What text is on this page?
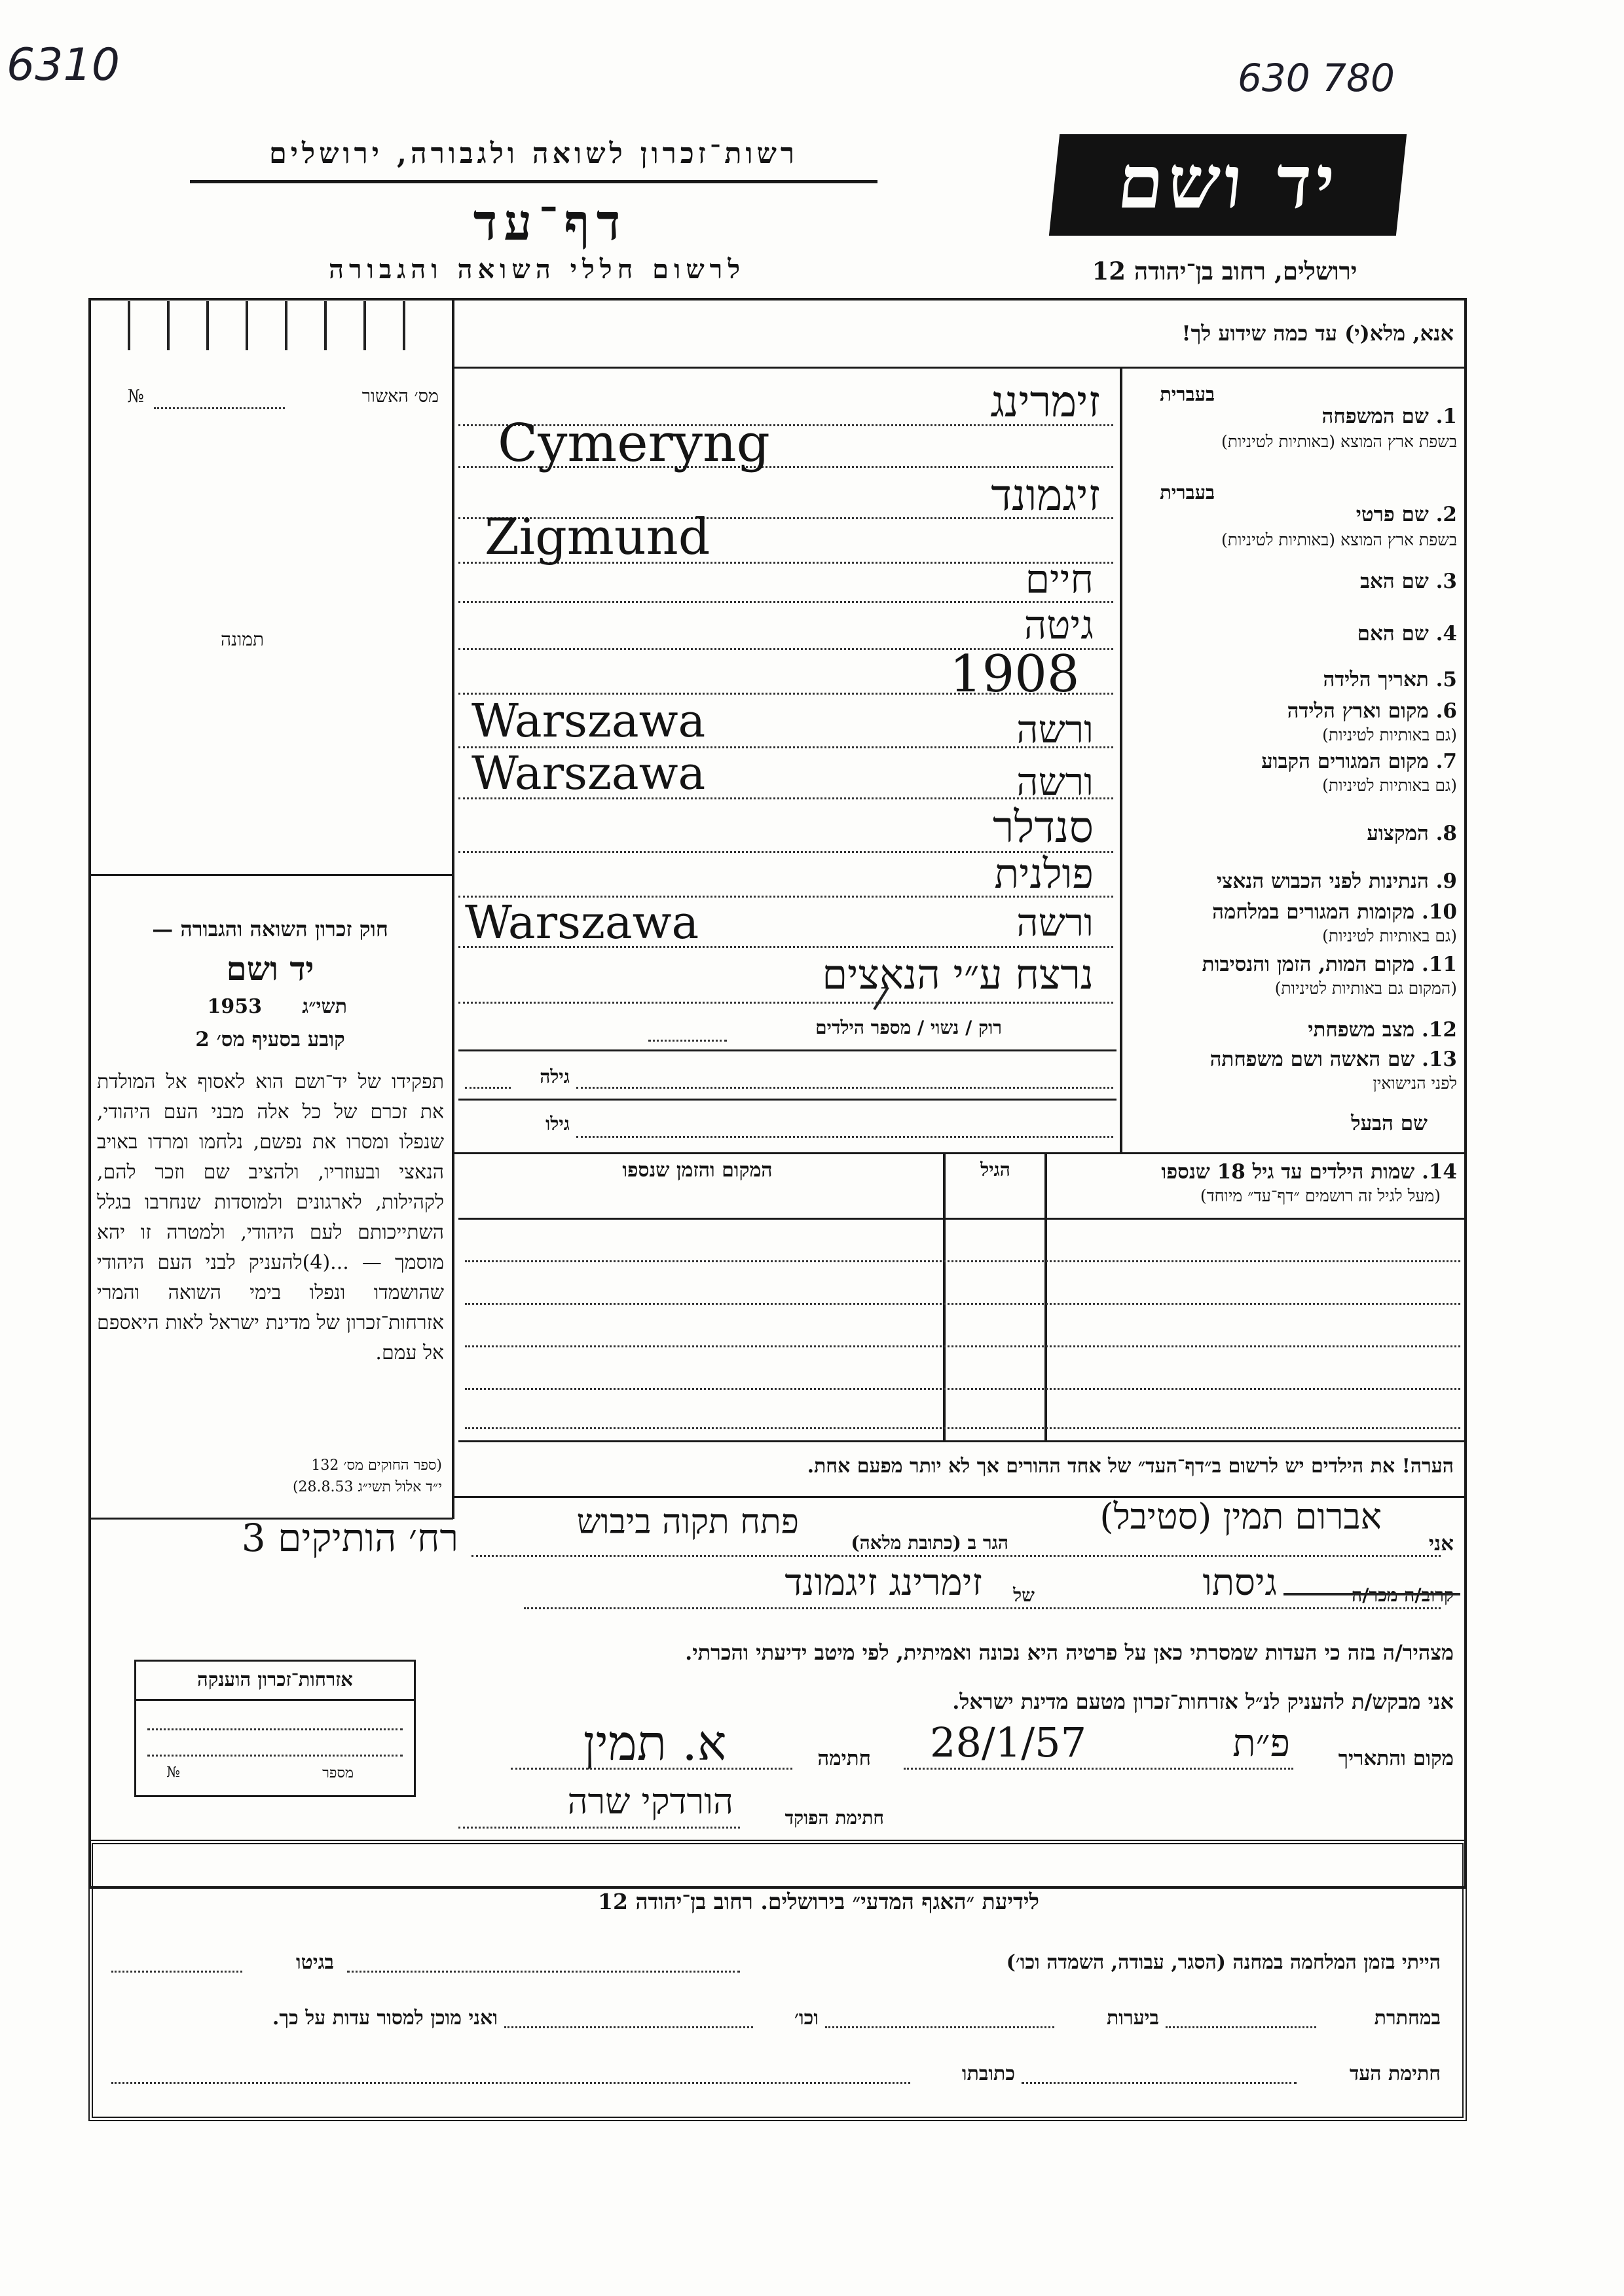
6310	630 780
רשות־זכרון לשואה ולגבורה, ירושלים
דף־עד
לרשום חללי השואה והגבורה
יד ושם
ירושלים, רחוב בן־יהודה 12
אנא, מלא(י) עד כמה שידוע לך!
מס׳ האשור
№
תמונה
חוק זכרון השואה והגבורה —
יד ושם
תשי״ג
1953
קובע בסעיף מס׳ 2
תפקידו של יד־ושם הוא לאסוף אל המולדת את זכרם של כל אלה מבני העם היהודי, שנפלו ומסרו את נפשם, נלחמו ומרדו באויב הנאצי ובעוזריו, ולהציב שם וזכר להם, לקהילות, לארגונים ולמוסדות שנחרבו בגלל השתייכותם לעם היהודי, ולמטרה זו יהא מוסמך — ...(4)להעניק לבני העם היהודי שהושמדו ונפלו בימי השואה והמרי אזרחות־זכרון של מדינת ישראל לאות היאספם אל עמם.
(ספר החוקים מס׳ 132
י״ד אלול תשי״ג 28.8.53)
1. שם המשפחה
בעברית
בשפת ארץ המוצא (באותיות לטיניות)
זימרינג
Cymeryng
בעברית
2. שם פרטי
בשפת ארץ המוצא (באותיות לטיניות)
זיגמונד
Zigmund
3. שם האב
חיים
4. שם האם
גיטה
5. תאריך הלידה
1908
6. מקום וארץ הלידה
(גם באותיות לטיניות)
Warszawa	ורשה
7. מקום המגורים הקבוע
(גם באותיות לטיניות)
Warszawa	ורשה
8. המקצוע
סנדלר
9. הנתינות לפני הכבוש הנאצי
פולנית
10. מקומות המגורים במלחמה
(גם באותיות לטיניות)
Warszawa	ורשה
11. מקום המות, הזמן והנסיבות
(המקום גם באותיות לטיניות)
נרצח ע״י הנאצים
12. מצב משפחתי
רוק / נשוי / מספר הילדים
13. שם האשה ושם משפחתה
לפני הנישואין
גילה
שם הבעל
גילו
14. שמות הילדים עד גיל 18 שנספו
(מעל לגיל זה רושמים ״דף־עד״ מיוחד)
הגיל
המקום והזמן שנספו
הערה! את הילדים יש לרשום ב״דף־העד״ של אחד ההורים אך לא יותר מפעם אחת.
אני
אברום תמין (סטיבל)
הגר ב (כתובת מלאה)
פתח תקוה ביבוש
רח׳ הותיקים 3
גיסתו
של
זימרינג זיגמונד
מצהיר/ה בזה כי העדות שמסרתי כאן על פרטיה היא נכונה ואמיתית, לפי מיטב ידיעתי והכרתי.
אני מבקש/ת להעניק לנ״ל אזרחות־זכרון מטעם מדינת ישראל.
אזרחות־זכרון הוענקה
מספר
№
מקום והתאריך
פ״ת
28/1/57
חתימה
א. תמין
חתימת הפוקד
הורדקי שרה
לידיעת ״האגף המדעי״ בירושלים. רחוב בן־יהודה 12
הייתי בזמן המלחמה במחנה (הסגר, עבודה, השמדה וכו׳)
בגיטו
במחתרת
ביערות
וכו׳
ואני מוכן למסור עדות על כך.
חתימת העד
כתובתו
